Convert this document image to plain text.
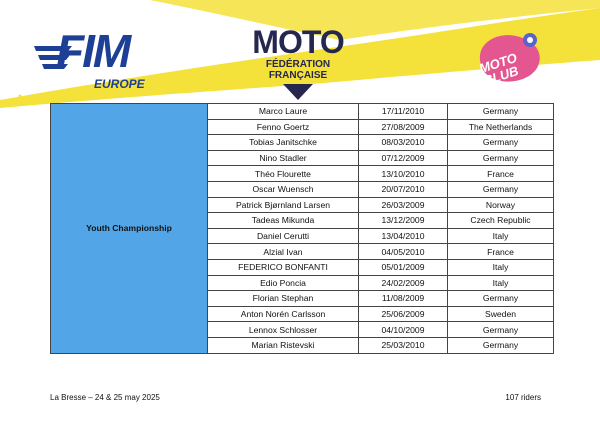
FIM
EUROPE
MOTO
FÉDÉRATION
FRANÇAISE	MOTO CLUB
Youth Championship	Marco Laure	17/11/2010	Germany
	Fenno Goertz	27/08/2009	The Netherlands
	Tobias Janitschke	08/03/2010	Germany
	Nino Stadler	07/12/2009	Germany
	Théo Flourette	13/10/2010	France
	Oscar Wuensch	20/07/2010	Germany
	Patrick Bjørnland Larsen	26/03/2009	Norway
	Tadeas Mikunda	13/12/2009	Czech Republic
	Daniel Cerutti	13/04/2010	Italy
	Alzial Ivan	04/05/2010	France
	FEDERICO BONFANTI	05/01/2009	Italy
	Edio Poncia	24/02/2009	Italy
	Florian Stephan	11/08/2009	Germany
	Anton Norén Carlsson	25/06/2009	Sweden
	Lennox Schlosser	04/10/2009	Germany
	Marian Ristevski	25/03/2010	Germany
La Bresse – 24 & 25 may 2025	107 riders
